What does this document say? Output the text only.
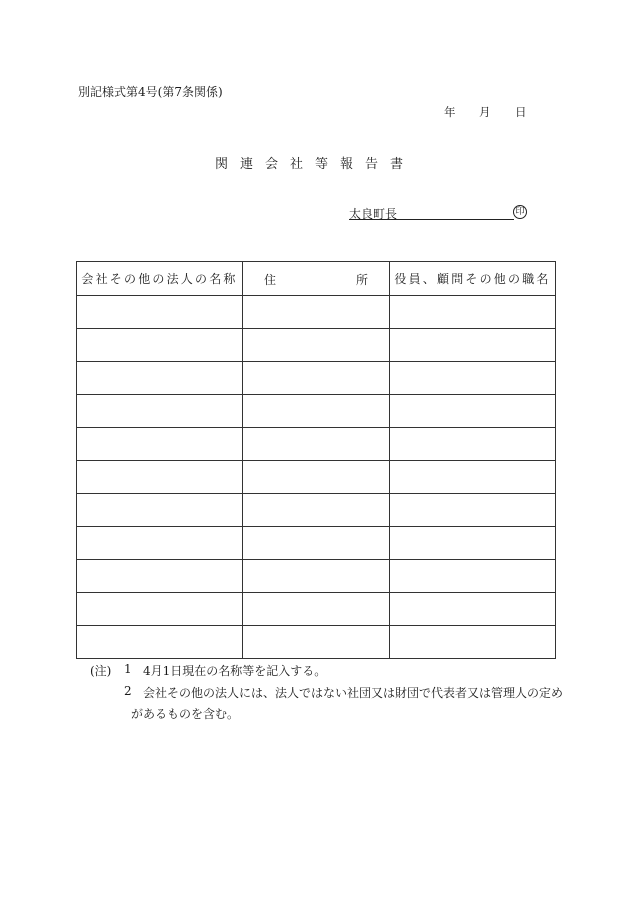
別記様式第4号(第7条関係)
年 月 日
関連会社等報告書
太良町長	印
会社その他の法人の名称	住 所	役員、顧問その他の職名

(注) 1 4月1日現在の名称等を記入する。
2 会社その他の法人には、法人ではない社団又は財団で代表者又は管理人の定め
があるものを含む。
